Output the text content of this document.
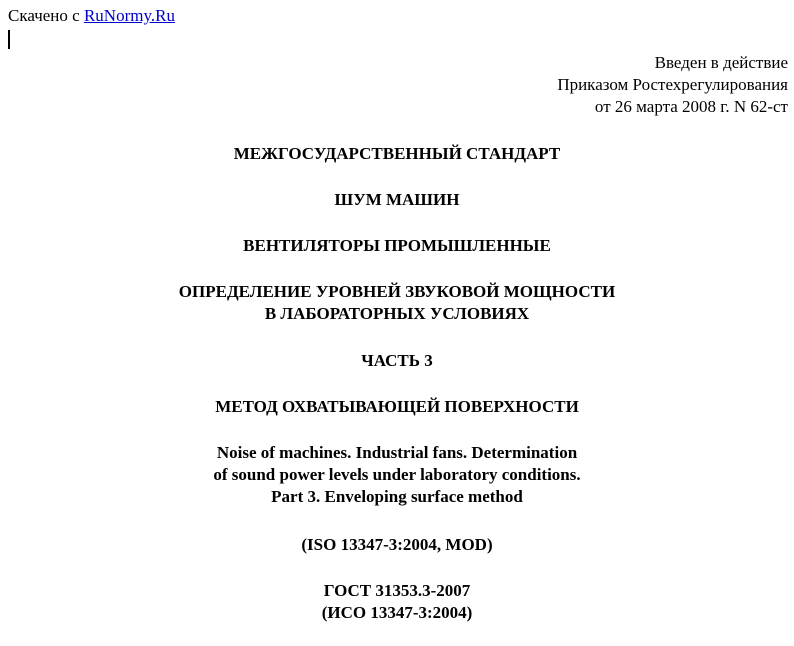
Скачено с RuNormy.Ru
Введен в действие
Приказом Ростехрегулирования
от 26 марта 2008 г. N 62-ст
МЕЖГОСУДАРСТВЕННЫЙ СТАНДАРТ
ШУМ МАШИН
ВЕНТИЛЯТОРЫ ПРОМЫШЛЕННЫЕ
ОПРЕДЕЛЕНИЕ УРОВНЕЙ ЗВУКОВОЙ МОЩНОСТИ
В ЛАБОРАТОРНЫХ УСЛОВИЯХ
ЧАСТЬ 3
МЕТОД ОХВАТЫВАЮЩЕЙ ПОВЕРХНОСТИ
Noise of machines. Industrial fans. Determination
of sound power levels under laboratory conditions.
Part 3. Enveloping surface method
(ISO 13347-3:2004, MOD)
ГОСТ 31353.3-2007
(ИСО 13347-3:2004)
